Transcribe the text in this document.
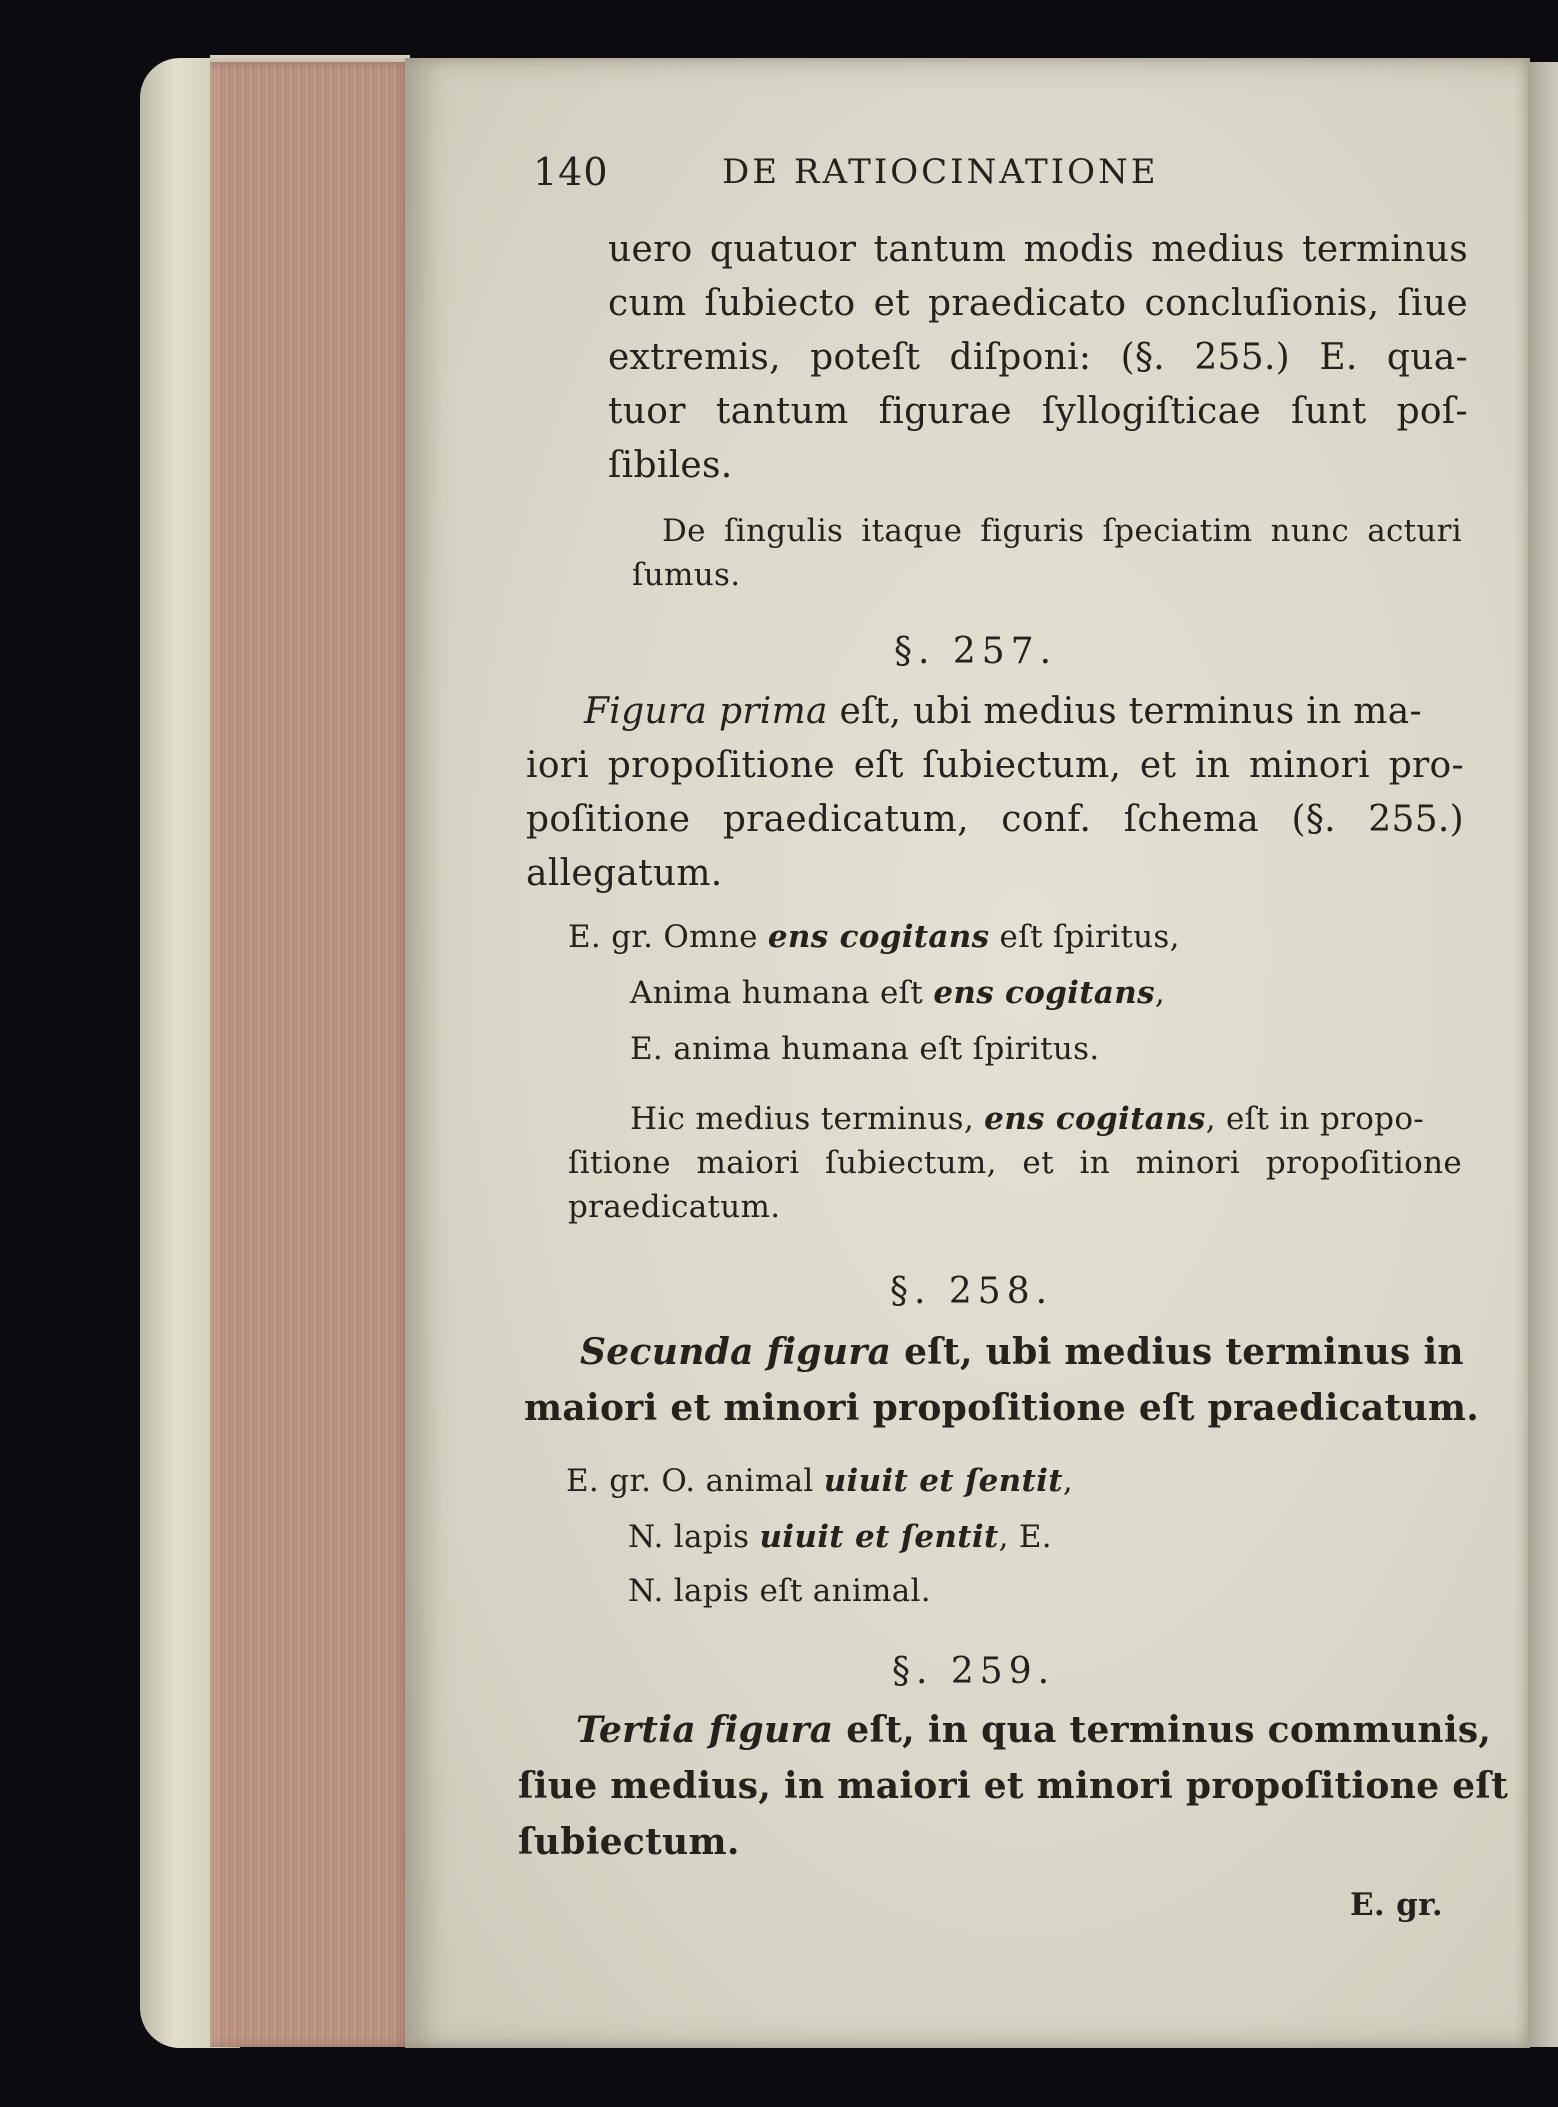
140	DE RATIOCINATIONE
uero quatuor tantum modis medius terminus
cum ſubiecto et praedicato concluſionis, ſiue
extremis, poteſt diſponi: (§. 255.) E. qua-
tuor tantum figurae ſyllogiſticae ſunt poſ-
ſibiles.
De ſingulis itaque figuris ſpeciatim nunc acturi
ſumus.
§. 257.
Figura prima eſt, ubi medius terminus in ma-
iori propoſitione eſt ſubiectum, et in minori pro-
poſitione praedicatum, conf. ſchema (§. 255.)
allegatum.
E. gr. Omne ens cogitans eſt ſpiritus,
Anima humana eſt ens cogitans,
E. anima humana eſt ſpiritus.
Hic medius terminus, ens cogitans, eſt in propo-
ſitione maiori ſubiectum, et in minori propoſitione
praedicatum.
§. 258.
Secunda figura eſt, ubi medius terminus in
maiori et minori propoſitione eſt praedicatum.
E. gr. O. animal uiuit et ſentit,
N. lapis uiuit et ſentit, E.
N. lapis eſt animal.
§. 259.
Tertia figura eſt, in qua terminus communis,
ſiue medius, in maiori et minori propoſitione eſt
ſubiectum.
E. gr.
